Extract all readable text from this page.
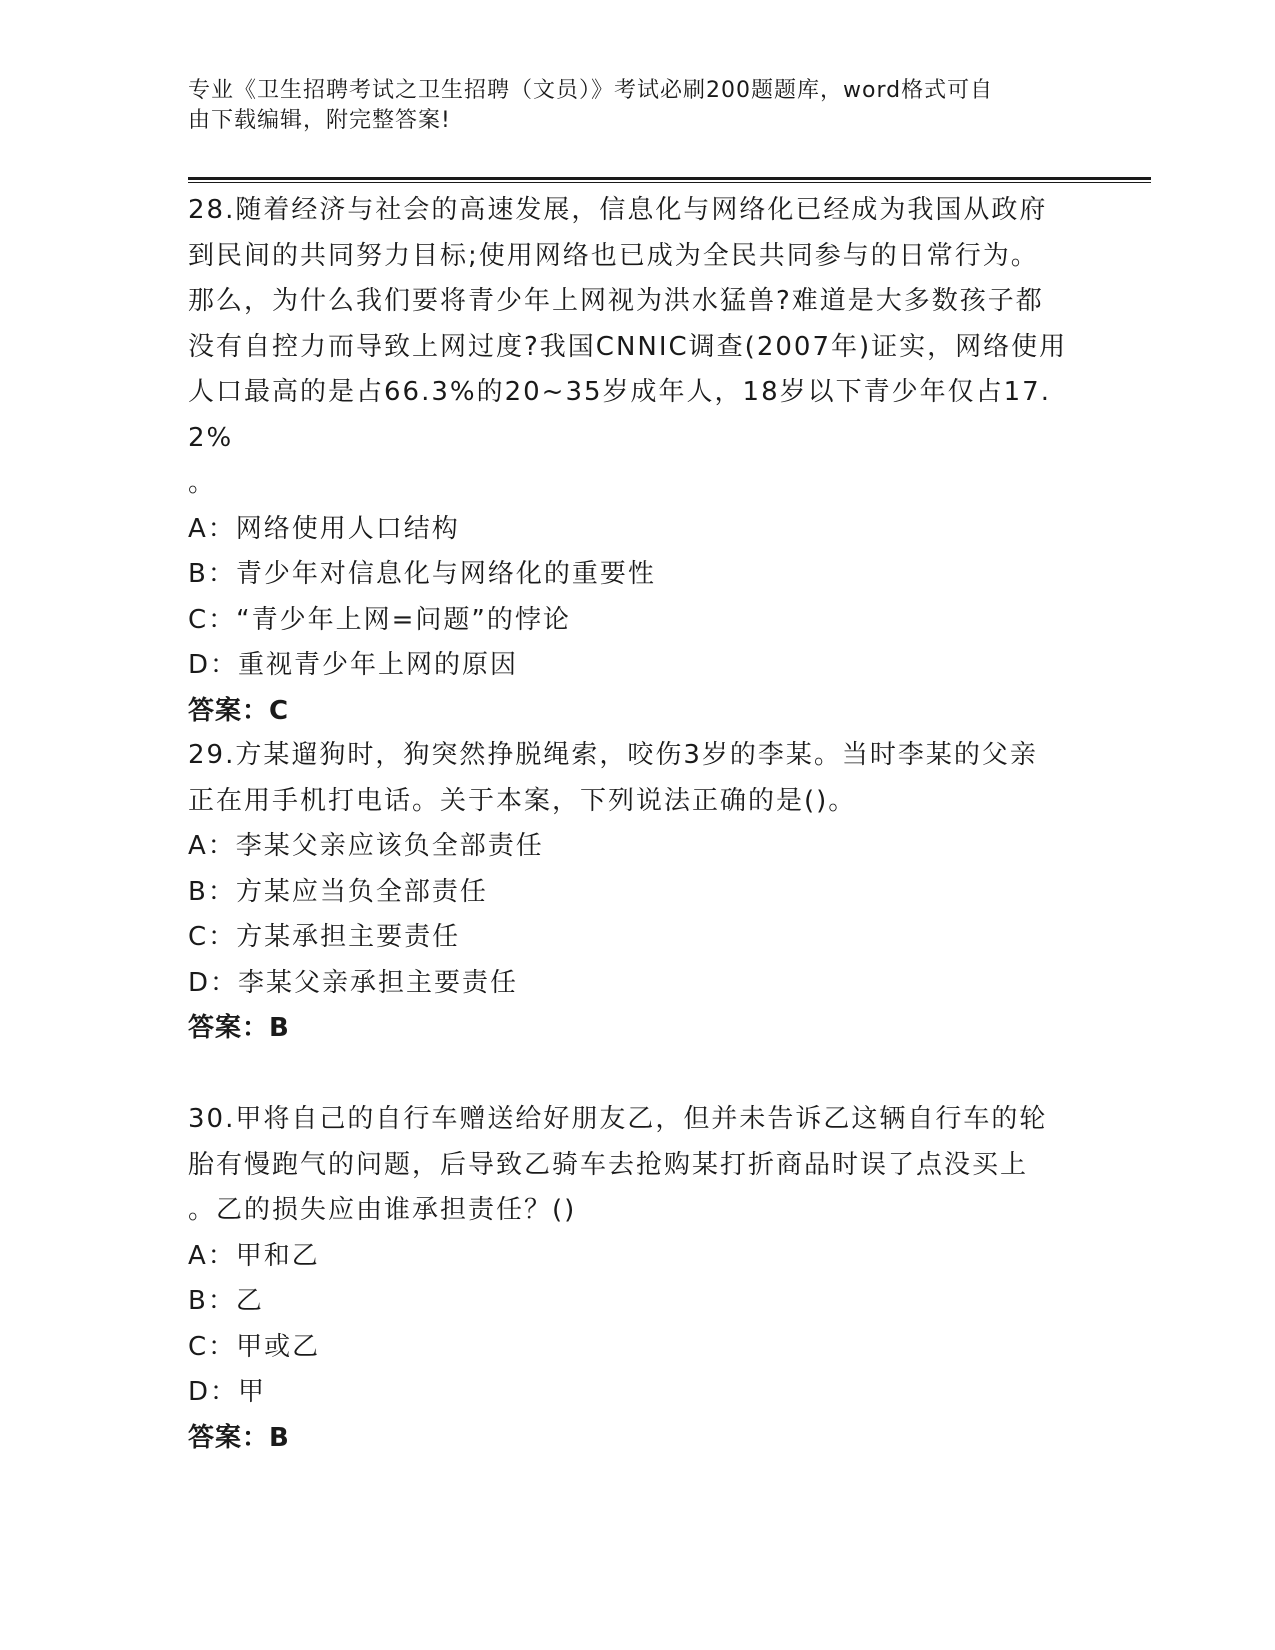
专业《卫生招聘考试之卫生招聘（文员）》考试必刷200题题库，word格式可自
由下载编辑，附完整答案!

28.随着经济与社会的高速发展，信息化与网络化已经成为我国从政府

到民间的共同努力目标;使用网络也已成为全民共同参与的日常行为。

那么，为什么我们要将青少年上网视为洪水猛兽?难道是大多数孩子都

没有自控力而导致上网过度?我国CNNIC调查(2007年)证实，网络使用

人口最高的是占66.3%的20~35岁成年人，18岁以下青少年仅占17.2%

。

A：网络使用人口结构

B：青少年对信息化与网络化的重要性

C：“青少年上网=问题”的悖论

D：重视青少年上网的原因

答案：C

29.方某遛狗时，狗突然挣脱绳索，咬伤3岁的李某。当时李某的父亲

正在用手机打电话。关于本案，下列说法正确的是()。

A：李某父亲应该负全部责任

B：方某应当负全部责任

C：方某承担主要责任

D：李某父亲承担主要责任

答案：B

30.甲将自己的自行车赠送给好朋友乙，但并未告诉乙这辆自行车的轮

胎有慢跑气的问题，后导致乙骑车去抢购某打折商品时误了点没买上

。乙的损失应由谁承担责任？()

A：甲和乙

B：乙

C：甲或乙

D：甲

答案：B
